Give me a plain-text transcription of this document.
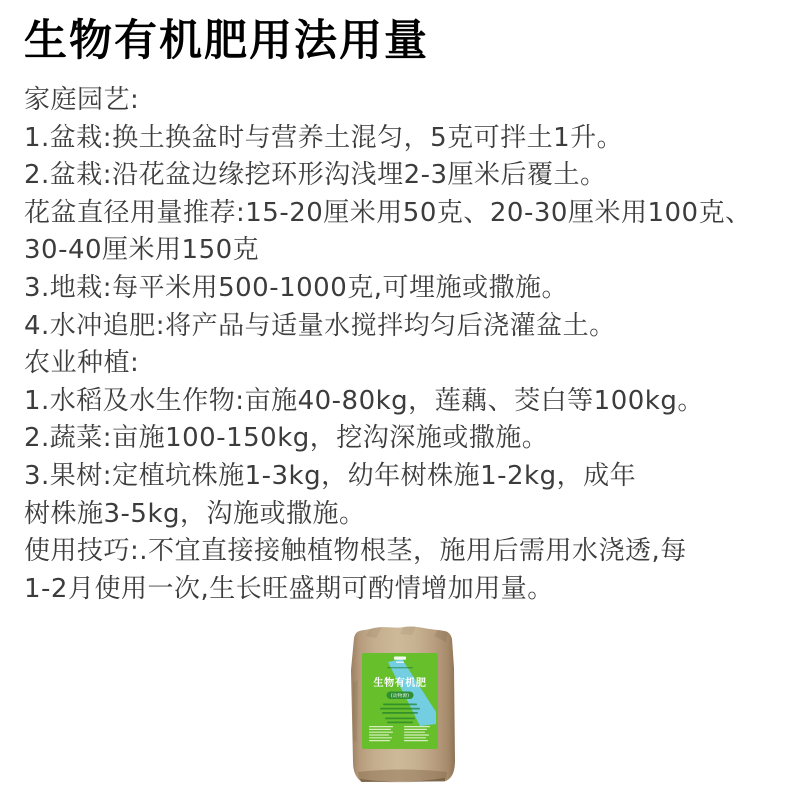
生物有机肥用法用量
家庭园艺:
1.盆栽:换土换盆时与营养土混匀，5克可拌土1升。
2.盆栽:沿花盆边缘挖环形沟浅埋2-3厘米后覆土。
花盆直径用量推荐:15-20厘米用50克、20-30厘米用100克、
30-40厘米用150克
3.地栽:每平米用500-1000克,可埋施或撒施。
4.水冲追肥:将产品与适量水搅拌均匀后浇灌盆土。
农业种植:
1.水稻及水生作物:亩施40-80kg，莲藕、茭白等100kg。
2.蔬菜:亩施100-150kg，挖沟深施或撒施。
3.果树:定植坑株施1-3kg，幼年树株施1-2kg，成年
树株施3-5kg，沟施或撒施。
使用技巧:.不宜直接接触植物根茎，施用后需用水浇透,每
1-2月使用一次,生长旺盛期可酌情增加用量。
生物有机肥
(动物源)
